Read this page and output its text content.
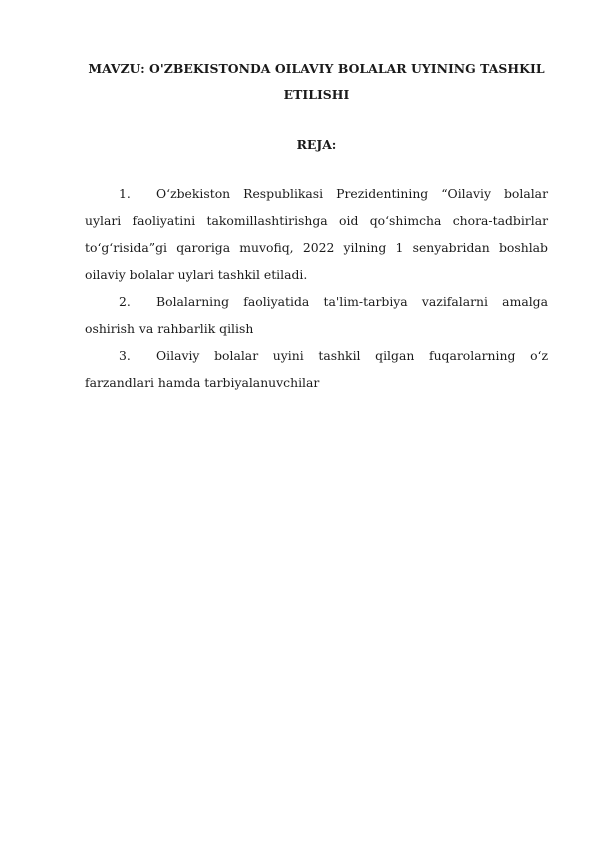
MAVZU: O'ZBEKISTONDA OILAVIY BOLALAR UYINING TASHKIL
ETILISHI
REJA:
1. O‘zbekiston Respublikasi Prezidentining “Oilaviy bolalar uylari faoliyatini takomillashtirishga oid qo‘shimcha chora-tadbirlar to‘g‘risida”gi qaroriga muvofiq, 2022 yilning 1 senyabridan boshlab oilaviy bolalar uylari tashkil etiladi.
2. Bolalarning faoliyatida ta'lim-tarbiya vazifalarni amalga oshirish va rahbarlik qilish
3. Oilaviy bolalar uyini tashkil qilgan fuqarolarning o‘z farzandlari hamda tarbiyalanuvchilar
